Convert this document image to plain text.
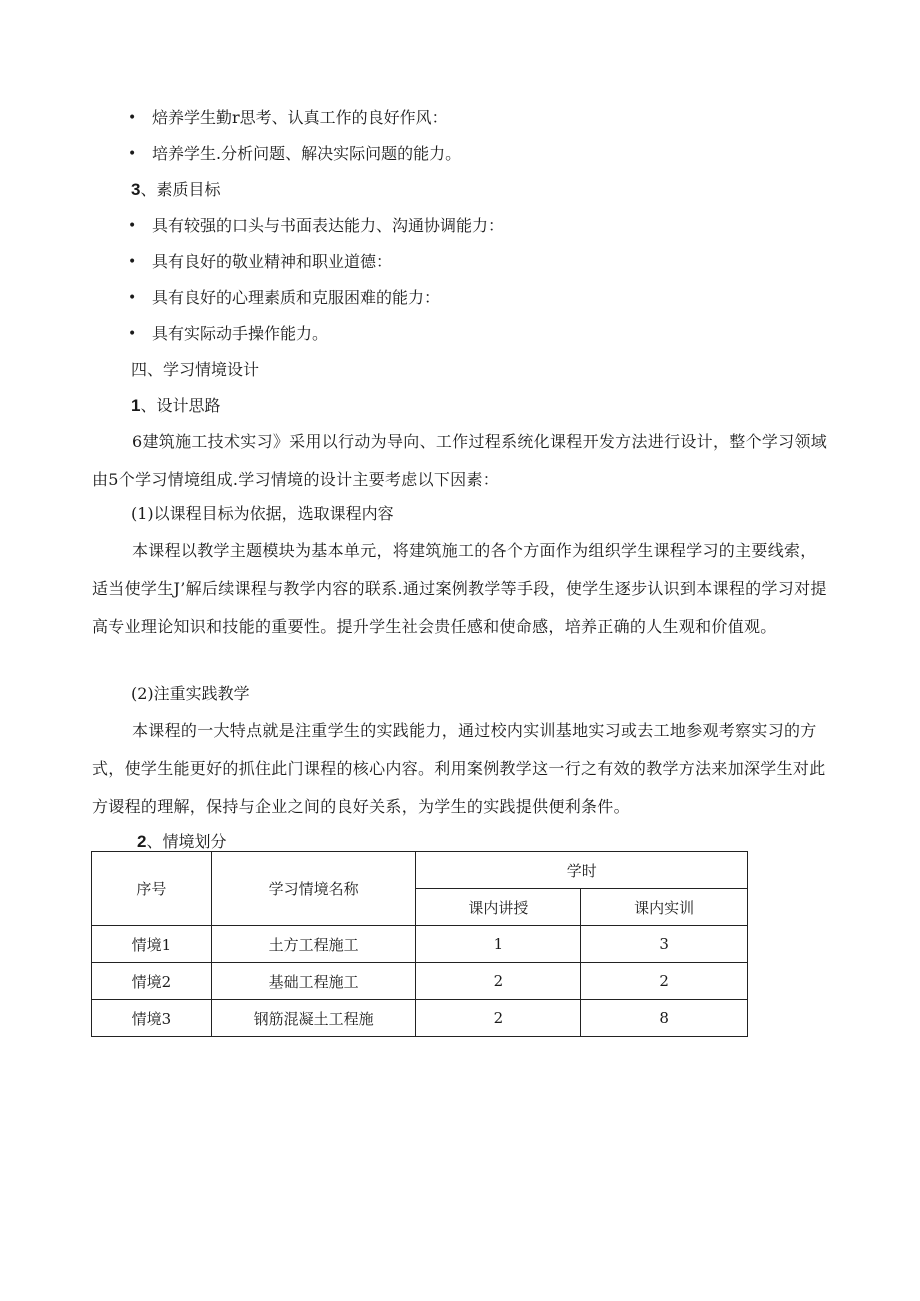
• 焙养学生勤r思考、认真工作的良好作风：
• 培养学生.分析问题、解决实际问题的能力。
3、素质目标
• 具有较强的口头与书面表达能力、沟通协调能力：
• 具有良好的敬业精神和职业道德：
• 具有良好的心理素质和克服困难的能力：
• 具有实际动手操作能力。
四、学习情境设计
1、设计思路
6建筑施工技术实习》采用以行动为导向、工作过程系统化课程开发方法进行设计，整个学习领域由5个学习情境组成.学习情境的设计主要考虑以下因素：
(1)以课程目标为依据，选取课程内容
本课程以教学主题模块为基本单元，将建筑施工的各个方面作为组织学生课程学习的主要线索，适当使学生J’解后续课程与教学内容的联系.通过案例教学等手段，使学生逐步认识到本课程的学习对提高专业理论知识和技能的重要性。提升学生社会贵任感和使命感，培养正确的人生观和价值观。
(2)注重实践教学
本课程的一大特点就是注重学生的实践能力，通过校内实训基地实习或去工地参观考察实习的方式，使学生能更好的抓住此门课程的核心内容。利用案例教学这一行之有效的教学方法来加深学生对此方谡程的理解，保持与企业之间的良好关系，为学生的实践提供便利条件。
2、情境划分
序号	学习情境名称	学时	
		课内讲授	课内实训
情境1	土方工程施工	1	3
情境2	基础工程施工	2	2
情境3	钢筋混凝土工程施	2	8
